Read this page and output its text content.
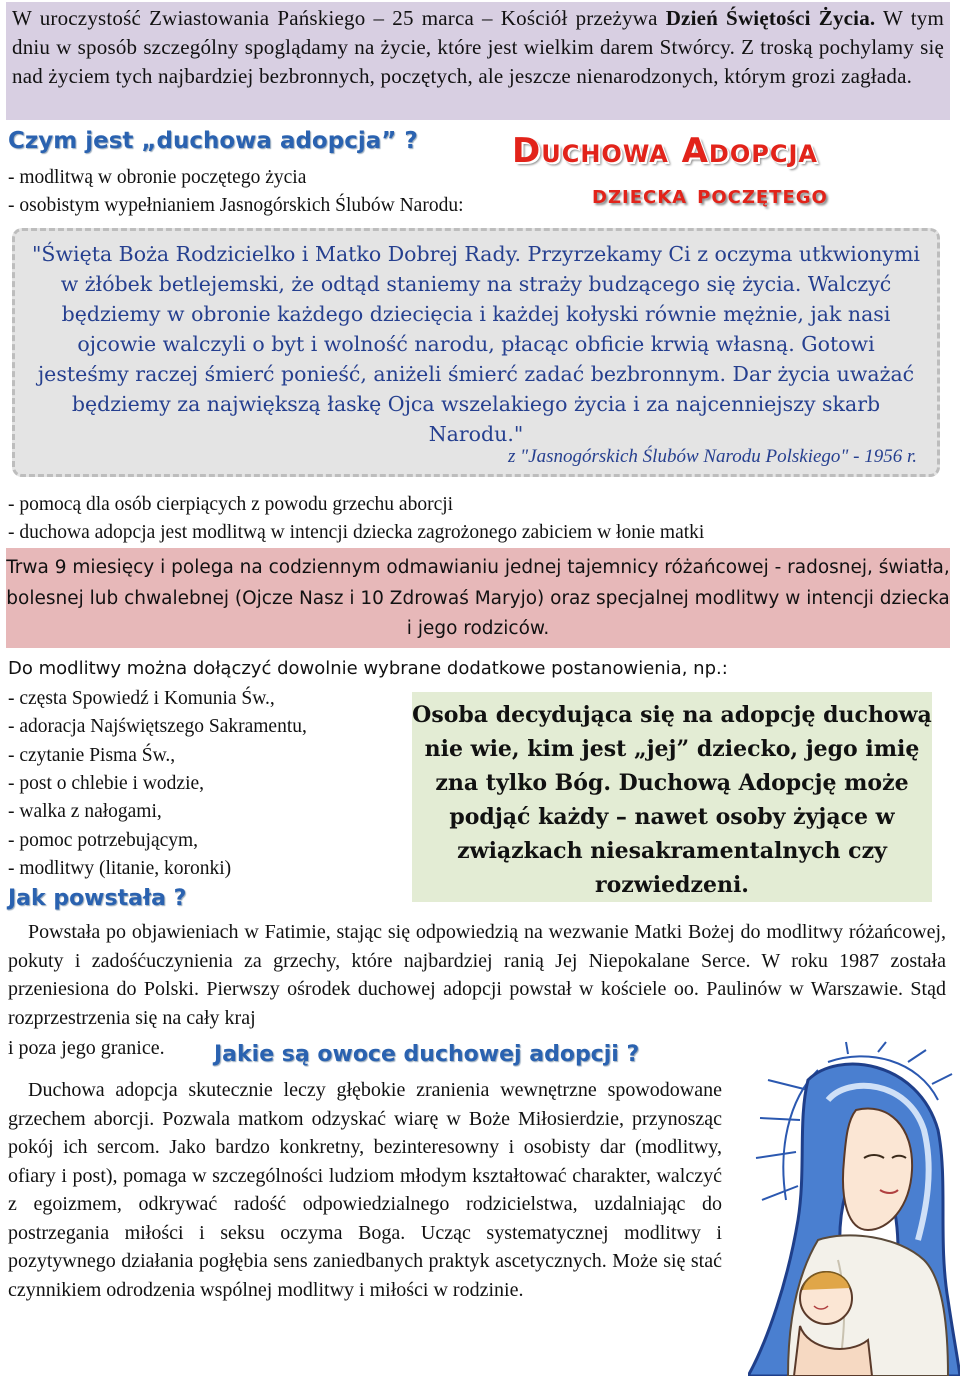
W uroczystość Zwiastowania Pańskiego – 25 marca – Kościół przeżywa Dzień Świętości Życia. W tym dniu w sposób szczególny spoglądamy na życie, które jest wielkim darem Stwórcy. Z troską pochylamy się nad życiem tych najbardziej bezbronnych, poczętych, ale jeszcze nienarodzonych, którym grozi zagłada.
Czym jest „duchowa adopcja” ?	Duchowa Adopcja
dziecka poczętego
- modlitwą w obronie poczętego życia
- osobistym wypełnianiem Jasnogórskich Ślubów Narodu:
"Święta Boża Rodzicielko i Matko Dobrej Rady. Przyrzekamy Ci z oczyma utkwionymi w żłóbek betlejemski, że odtąd staniemy na straży budzącego się życia. Walczyć będziemy w obronie każdego dziecięcia i każdej kołyski równie mężnie, jak nasi ojcowie walczyli o byt i wolność narodu, płacąc obficie krwią własną. Gotowi jesteśmy raczej śmierć ponieść, aniżeli śmierć zadać bezbronnym. Dar życia uważać będziemy za największą łaskę Ojca wszelakiego życia i za najcenniejszy skarb Narodu."
z "Jasnogórskich Ślubów Narodu Polskiego" - 1956 r.
- pomocą dla osób cierpiących z powodu grzechu aborcji
- duchowa adopcja jest modlitwą w intencji dziecka zagrożonego zabiciem w łonie matki
Trwa 9 miesięcy i polega na codziennym odmawianiu jednej tajemnicy różańcowej - radosnej, światła, bolesnej lub chwalebnej (Ojcze Nasz i 10 Zdrowaś Maryjo) oraz specjalnej modlitwy w intencji dziecka i jego rodziców.
Do modlitwy można dołączyć dowolnie wybrane dodatkowe postanowienia, np.:
- częsta Spowiedź i Komunia Św.,
- adoracja Najświętszego Sakramentu,
- czytanie Pisma Św.,
- post o chlebie i wodzie,
- walka z nałogami,
- pomoc potrzebującym,
- modlitwy (litanie, koronki)
Osoba decydująca się na adopcję duchową nie wie, kim jest „jej” dziecko, jego imię zna tylko Bóg. Duchową Adopcję może podjąć każdy – nawet osoby żyjące w związkach niesakramentalnych czy rozwiedzeni.
Jak powstała ?
Powstała po objawieniach w Fatimie, stając się odpowiedzią na wezwanie Matki Bożej do modlitwy różańcowej, pokuty i zadośćuczynienia za grzechy, które najbardziej ranią Jej Niepokalane Serce. W roku 1987 została przeniesiona do Polski. Pierwszy ośrodek duchowej adopcji powstał w kościele oo. Paulinów w Warszawie. Stąd rozprzestrzenia się na cały kraj
i poza jego granice. Jakie są owoce duchowej adopcji ?
Duchowa adopcja skutecznie leczy głębokie zranienia wewnętrzne spowodowane grzechem aborcji. Pozwala matkom odzyskać wiarę w Boże Miłosierdzie, przynosząc pokój ich sercom. Jako bardzo konkretny, bezinteresowny i osobisty dar (modlitwy, ofiary i post), pomaga w szczególności ludziom młodym kształtować charakter, walczyć z egoizmem, odkrywać radość odpowiedzialnego rodzicielstwa, uzdalniając do postrzegania miłości i seksu oczyma Boga. Ucząc systematycznej modlitwy i pozytywnego działania pogłębia sens zaniedbanych praktyk ascetycznych. Może się stać czynnikiem odrodzenia wspólnej modlitwy i miłości w rodzinie.
